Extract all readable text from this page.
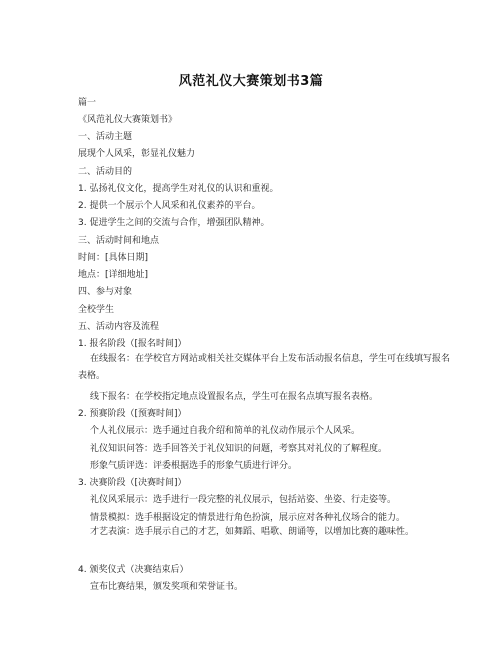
风范礼仪大赛策划书3篇
篇一
《风范礼仪大赛策划书》
一、活动主题
展现个人风采，彰显礼仪魅力
二、活动目的
1. 弘扬礼仪文化，提高学生对礼仪的认识和重视。
2. 提供一个展示个人风采和礼仪素养的平台。
3. 促进学生之间的交流与合作，增强团队精神。
三、活动时间和地点
时间：[具体日期]
地点：[详细地址]
四、参与对象
全校学生
五、活动内容及流程
1. 报名阶段（[报名时间]）
在线报名：在学校官方网站或相关社交媒体平台上发布活动报名信息，学生可在线填写报名表格。
线下报名：在学校指定地点设置报名点，学生可在报名点填写报名表格。
2. 预赛阶段（[预赛时间]）
个人礼仪展示：选手通过自我介绍和简单的礼仪动作展示个人风采。
礼仪知识问答：选手回答关于礼仪知识的问题，考察其对礼仪的了解程度。
形象气质评选：评委根据选手的形象气质进行评分。
3. 决赛阶段（[决赛时间]）
礼仪风采展示：选手进行一段完整的礼仪展示，包括站姿、坐姿、行走姿等。
情景模拟：选手根据设定的情景进行角色扮演，展示应对各种礼仪场合的能力。
才艺表演：选手展示自己的才艺，如舞蹈、唱歌、朗诵等，以增加比赛的趣味性。
4. 颁奖仪式（决赛结束后）
宣布比赛结果，颁发奖项和荣誉证书。
